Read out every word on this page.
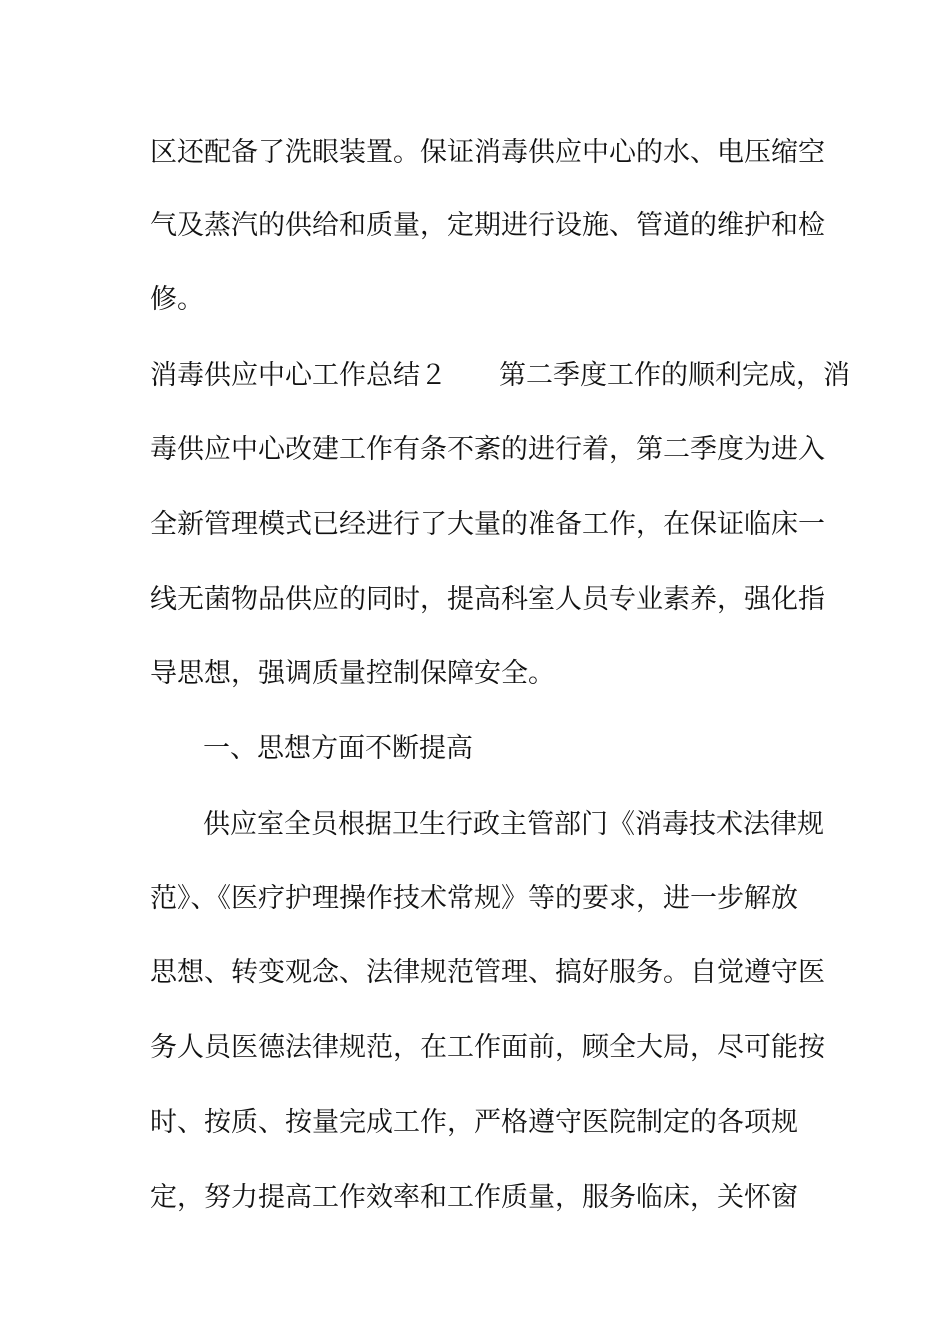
区还配备了洗眼装置。保证消毒供应中心的水、电压缩空
气及蒸汽的供给和质量，定期进行设施、管道的维护和检
修。
消毒供应中心工作总结２ 第二季度工作的顺利完成，消
毒供应中心改建工作有条不紊的进行着，第二季度为进入
全新管理模式已经进行了大量的准备工作，在保证临床一
线无菌物品供应的同时，提高科室人员专业素养，强化指
导思想，强调质量控制保障安全。
一、思想方面不断提高
供应室全员根据卫生行政主管部门《消毒技术法律规
范》、《医疗护理操作技术常规》等的要求，进一步解放
思想、转变观念、法律规范管理、搞好服务。自觉遵守医
务人员医德法律规范，在工作面前，顾全大局，尽可能按
时、按质、按量完成工作，严格遵守医院制定的各项规
定，努力提高工作效率和工作质量，服务临床，关怀窗
